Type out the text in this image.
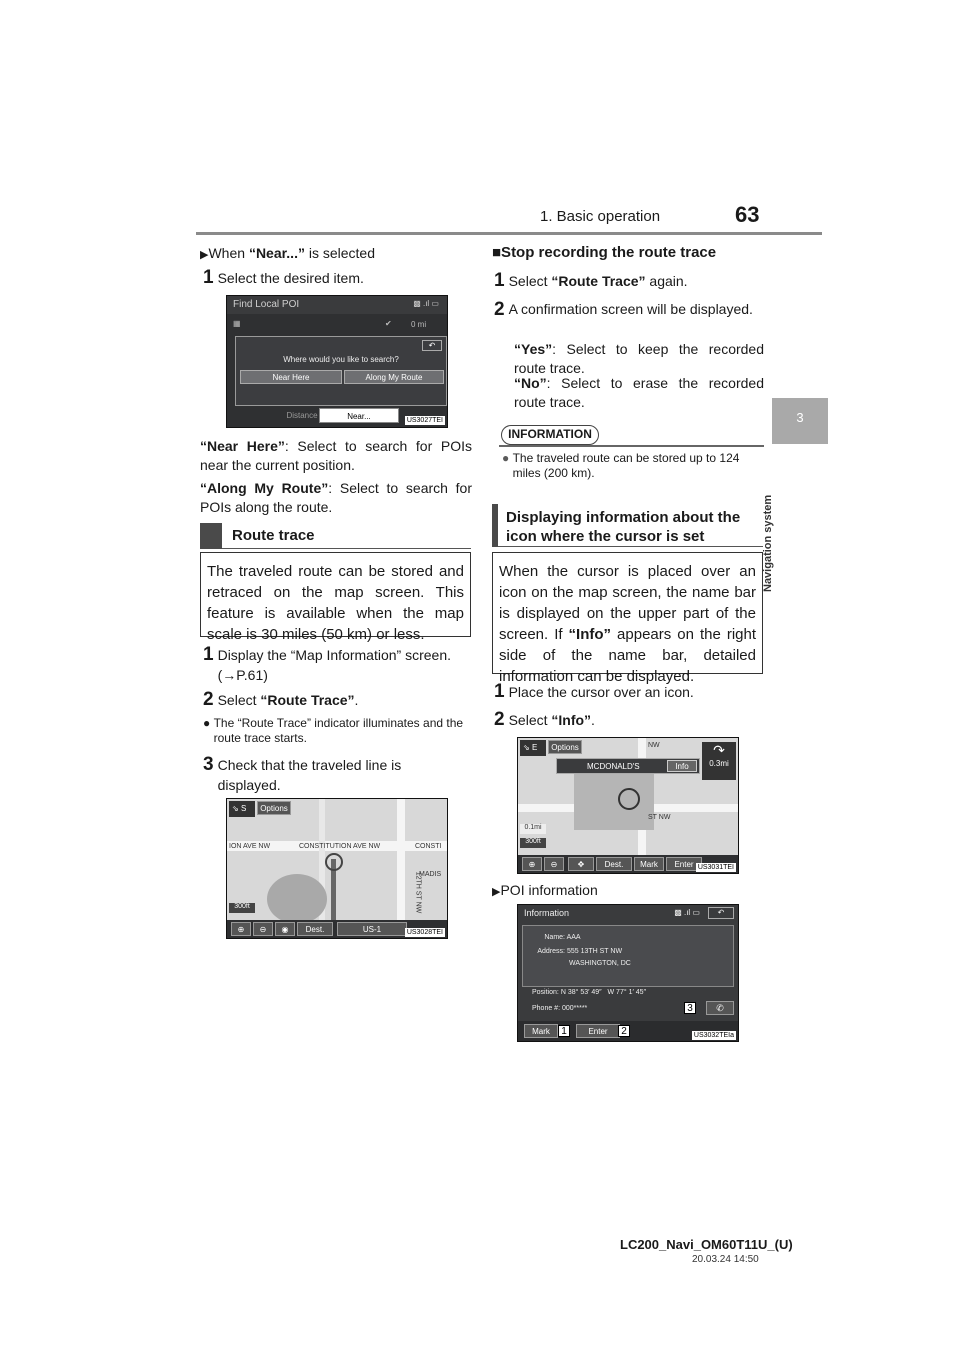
1. Basic operation	63
3
Navigation system
▶When “Near...” is selected
1 Select the desired item.
Find Local POI	▩ .ıl ▭
▦	✔ 0 mi
↶
Where would you like to search?
Near Here	Along My Route
Distance	Near...	US3027TEI
“Near Here”: Select to search for POIs near the current position.
“Along My Route”: Select to search for POIs along the route.
Route trace
The traveled route can be stored and retraced on the map screen. This feature is available when the map scale is 30 miles (50 km) or less.
1 Display the “Map Information” screen. (→P.61)
2 Select “Route Trace”.
● The “Route Trace” indicator illuminates and the route trace starts.
3 Check that the traveled line is displayed.
ION AVE NW	CONSTITUTION AVE NW	CONSTI
MADIS
12TH ST NW
⇘ S	Options
300ft
⊕	⊖	◉	Dest.	US-1	US3028TEI
■Stop recording the route trace
1 Select “Route Trace” again.
2 A confirmation screen will be displayed.
“Yes”: Select to keep the recorded route trace.
“No”: Select to erase the recorded route trace.
INFORMATION
● The traveled route can be stored up to 124 miles (200 km).
Displaying information about the
icon where the cursor is set
When the cursor is placed over an icon on the map screen, the name bar is displayed on the upper part of the screen. If “Info” appears on the right side of the name bar, detailed information can be displayed.
1 Place the cursor over an icon.
2 Select “Info”.
⇘ E	Options
MCDONALD'S	Info
↷
0.3mi
ST NW
NW
0.1mi
300ft
⊕	⊖	✥	Dest.	Mark	Enter US3031TEI
▶POI information
Information	▩ .ıl ▭	↶
Name: AAA
Address: 555 13TH ST NW
WASHINGTON, DC
Position: N 38° 53′ 49″ W 77° 1′ 45″
Phone #: 000*****	✆
3
Mark	1	Enter	2	US3032TEIa
LC200_Navi_OM60T11U_(U)
20.03.24 14:50
